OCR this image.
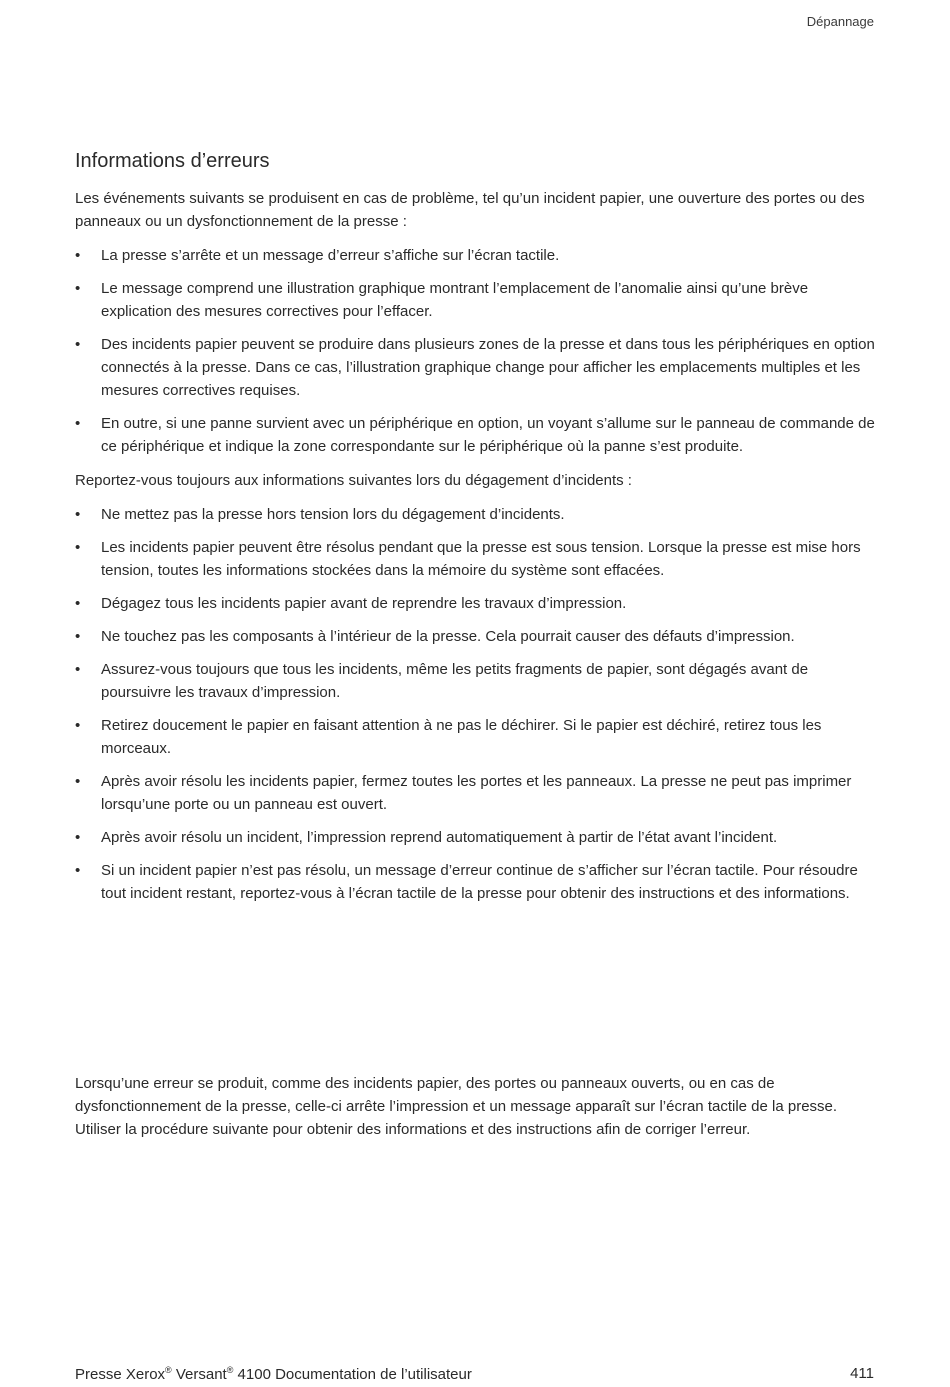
Dépannage
Informations d’erreurs

Les événements suivants se produisent en cas de problème, tel qu’un incident papier, une ouverture des portes ou des panneaux ou un dysfonctionnement de la presse :

• La presse s’arrête et un message d’erreur s’affiche sur l’écran tactile.
• Le message comprend une illustration graphique montrant l’emplacement de l’anomalie ainsi qu’une brève explication des mesures correctives pour l’effacer.
• Des incidents papier peuvent se produire dans plusieurs zones de la presse et dans tous les périphériques en option connectés à la presse. Dans ce cas, l’illustration graphique change pour afficher les emplacements multiples et les mesures correctives requises.
• En outre, si une panne survient avec un périphérique en option, un voyant s’allume sur le panneau de commande de ce périphérique et indique la zone correspondante sur le périphérique où la panne s’est produite.

Reportez-vous toujours aux informations suivantes lors du dégagement d’incidents :

• Ne mettez pas la presse hors tension lors du dégagement d’incidents.
• Les incidents papier peuvent être résolus pendant que la presse est sous tension. Lorsque la presse est mise hors tension, toutes les informations stockées dans la mémoire du système sont effacées.
• Dégagez tous les incidents papier avant de reprendre les travaux d’impression.
• Ne touchez pas les composants à l’intérieur de la presse. Cela pourrait causer des défauts d’impression.
• Assurez-vous toujours que tous les incidents, même les petits fragments de papier, sont dégagés avant de poursuivre les travaux d’impression.
• Retirez doucement le papier en faisant attention à ne pas le déchirer. Si le papier est déchiré, retirez tous les morceaux.
• Après avoir résolu les incidents papier, fermez toutes les portes et les panneaux. La presse ne peut pas imprimer lorsqu’une porte ou un panneau est ouvert.
• Après avoir résolu un incident, l’impression reprend automatiquement à partir de l’état avant l’incident.
• Si un incident papier n’est pas résolu, un message d’erreur continue de s’afficher sur l’écran tactile. Pour résoudre tout incident restant, reportez-vous à l’écran tactile de la presse pour obtenir des instructions et des informations.

Lorsqu’une erreur se produit, comme des incidents papier, des portes ou panneaux ouverts, ou en cas de dysfonctionnement de la presse, celle-ci arrête l’impression et un message apparaît sur l’écran tactile de la presse. Utiliser la procédure suivante pour obtenir des informations et des instructions afin de corriger l’erreur.

Presse Xerox® Versant® 4100 Documentation de l’utilisateur	411
